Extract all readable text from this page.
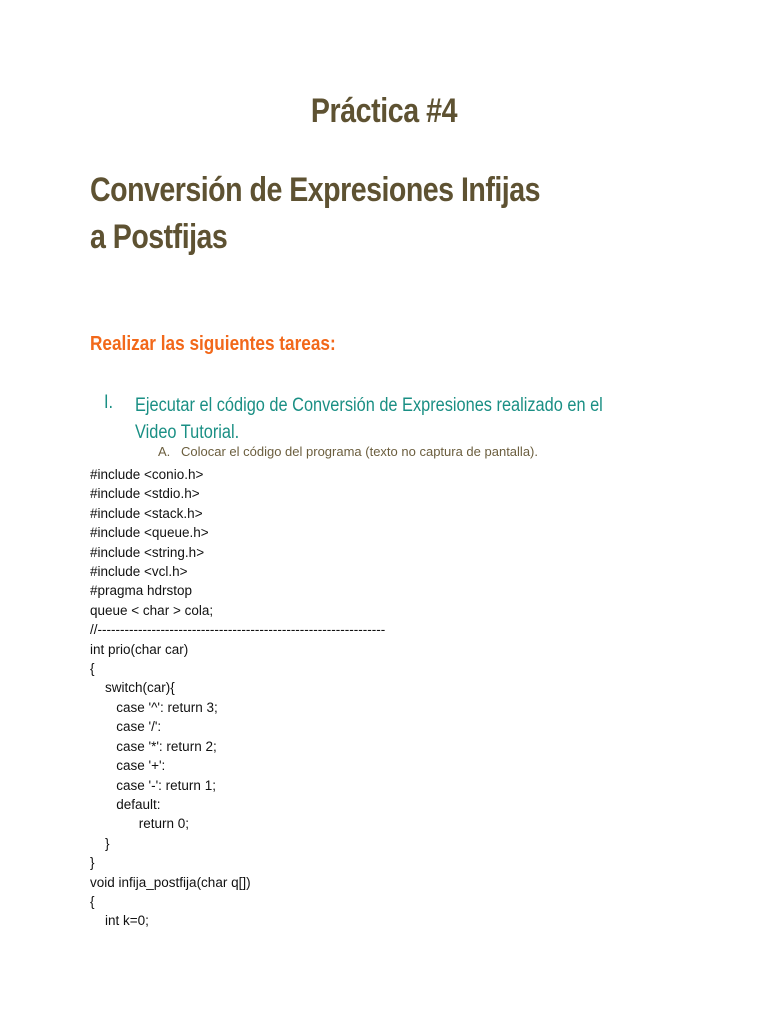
Práctica #4
Conversión de Expresiones Infijas a Postfijas
Realizar las siguientes tareas:
I. Ejecutar el código de Conversión de Expresiones realizado en el Video Tutorial.
A. Colocar el código del programa (texto no captura de pantalla).
#include <conio.h>
#include <stdio.h>
#include <stack.h>
#include <queue.h>
#include <string.h>
#include <vcl.h>
#pragma hdrstop
queue < char > cola;
//----------------------------------------------------------------
int prio(char car)
{
switch(car){
case '^': return 3;
case '/':
case '*': return 2;
case '+':
case '-': return 1;
default:
return 0;
}
}
void infija_postfija(char q[])
{
int k=0;
